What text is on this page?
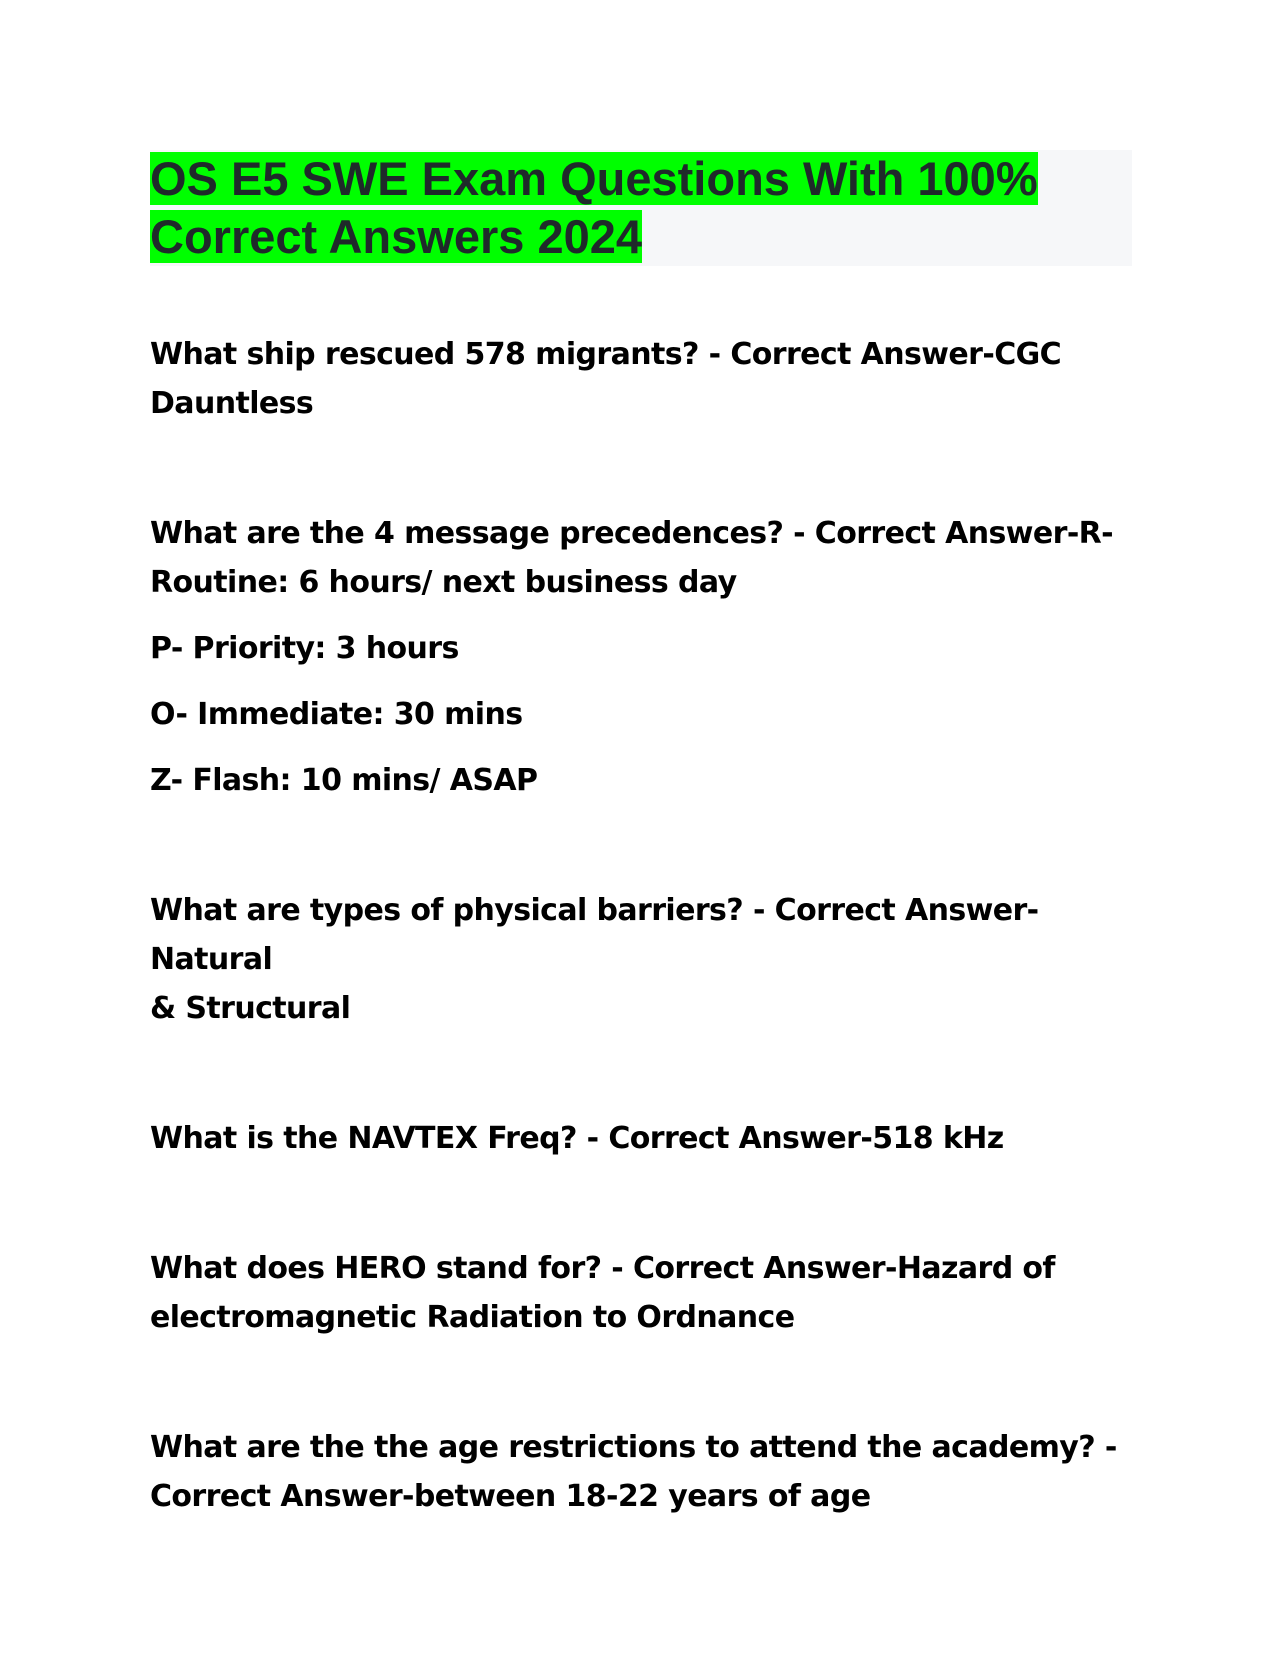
OS E5 SWE Exam Questions With 100%
Correct Answers 2024

What ship rescued 578 migrants? - Correct Answer-CGC

Dauntless

What are the 4 message precedences? - Correct Answer-R-

Routine: 6 hours/ next business day

P- Priority: 3 hours

O- Immediate: 30 mins

Z- Flash: 10 mins/ ASAP

What are types of physical barriers? - Correct Answer-Natural

& Structural

What is the NAVTEX Freq? - Correct Answer-518 kHz

What does HERO stand for? - Correct Answer-Hazard of

electromagnetic Radiation to Ordnance

What are the the age restrictions to attend the academy? -

Correct Answer-between 18-22 years of age
